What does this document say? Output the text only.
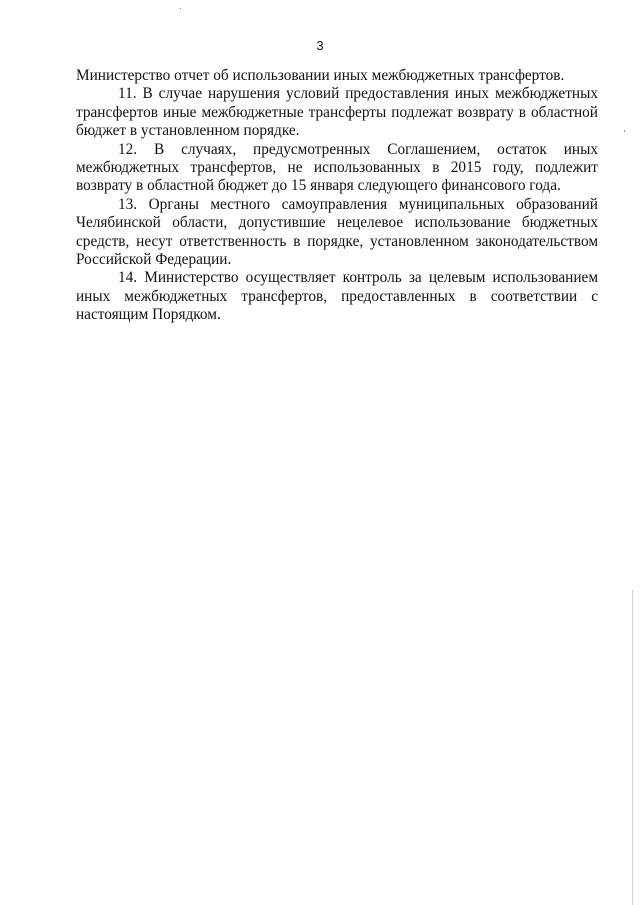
3

Министерство отчет об использовании иных межбюджетных трансфертов.

11. В случае нарушения условий предоставления иных межбюджетных трансфертов иные межбюджетные трансферты подлежат возврату в областной бюджет в установленном порядке.

12. В случаях, предусмотренных Соглашением, остаток иных межбюджетных трансфертов, не использованных в 2015 году, подлежит возврату в областной бюджет до 15 января следующего финансового года.

13. Органы местного самоуправления муниципальных образований Челябинской области, допустившие нецелевое использование бюджетных средств, несут ответственность в порядке, установленном законодательством Российской Федерации.

14. Министерство осуществляет контроль за целевым использованием иных межбюджетных трансфертов, предоставленных в соответствии с настоящим Порядком.
